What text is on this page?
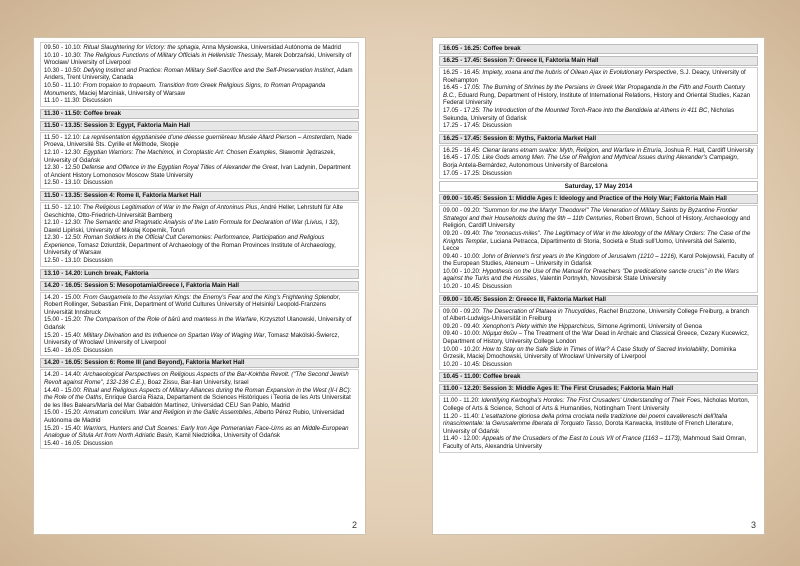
09.50 - 10.10: Ritual Slaughtering for Victory: the sphagia, Anna Mysłowska, Universidad Autónoma de Madrid
10.10 - 10.30: The Religious Functions of Military Officials in Hellenistic Thessaly, Marek Dobrzański, University of Wrocław/ University of Liverpool
10.30 - 10.50: Defying Instinct and Practice: Roman Military Self-Sacrifice and the Self-Preservation Instinct, Adam Anders, Trent University, Canada
10.50 - 11.10: From tropaion to tropaeum. Transition from Greek Religious Signs, to Roman Propaganda Monuments, Maciej Marciniak, University of Warsaw
11.10 - 11.30: Discussion
11.30 - 11.50: Coffee break
11.50 - 13.35: Session 3: Egypt, Faktoria Main Hall
11.50 - 12.10: La représentation égyptianisée d'une déesse guerrièreau Musée Allard Pierson – Amsterdam, Nade Proeva, Université Sts. Cyrille et Méthode, Skopje
12.10 - 12.30: Egyptian Warriors: The Machimoi, in Coroplastic Art: Chosen Examples, Sławomir Jędraszek, University of Gdańsk
12.30 - 12.50 Defense and Offence in the Egyptian Royal Titles of Alexander the Great, Ivan Ladynin, Department of Ancient History Lomonosov Moscow State University
12.50 - 13.10: Discussion
11.50 - 13.35: Session 4: Rome II, Faktoria Market Hall
11.50 - 12.10: The Religious Legitimation of War in the Reign of Antoninus Pius, André Heller, Lehrstuhl für Alte Geschichte, Otto-Friedrich-Universität Bamberg
12.10 - 12.30: The Semantic and Pragmatic Analysis of the Latin Formula for Declaration of War (Livius, I 32), Dawid Lipiński, University of Mikołaj Kopernik, Toruń
12.30 - 12.50: Roman Soldiers in the Official Cult Ceremonies: Performance, Participation and Religious Experience, Tomasz Dziurdzik, Department of Archaeology of the Roman Provinces Institute of Archaeology, University of Warsaw
12.50 - 13.10: Discussion
13.10 - 14.20: Lunch break, Faktoria
14.20 - 16.05: Session 5: Mesopotamia/Greece I, Faktoria Main Hall
14.20 - 15.00: From Gaugamela to the Assyrian Kings: the Enemy's Fear and the King's Frightening Splendor, Robert Rollinger, Sebastian Fink, Department of World Cultures University of Helsinki/ Leopold-Franzens Universität Innsbruck
15.00 - 15.20: The Comparison of the Role of bārû and mantess in the Warfare, Krzysztof Ulanowski, University of Gdańsk
15.20 - 15.40: Military Divination and Its Influence on Spartan Way of Waging War, Tomasz Makólski-Świercz, University of Wrocław/ University of Liverpool
15.40 - 16.05: Discussion
14.20 - 16.05: Session 6: Rome III (and Beyond), Faktoria Market Hall
14.20 - 14.40: Archaeological Perspectives on Religious Aspects of the Bar-Kokhba Revolt. ("The Second Jewish Revolt against Rome", 132-136 C.E.), Boaz Zissu, Bar-Ilan University, Israel
14.40 - 15.00: Ritual and Religious Aspects of Military Alliances during the Roman Expansion in the West (II-I BC): the Role of the Oaths, Enrique García Riaza, Departament de Sciences Històriques i Teoria de les Arts Universitat de les Illes Balears/María del Mar Gabaldón Martínez, Universidad CEU San Pablo, Madrid
15.00 - 15.20: Armatum concilium. War and Religion in the Gallic Assemblies, Alberto Pérez Rubio, Universidad Autónoma de Madrid
15.20 - 15.40: Warriors, Hunters and Cult Scenes: Early Iron Age Pomeranian Face-Urns as an Middle-European Analogue of Situla Art from North Adriatic Basin, Kamil Niedziółka, University of Gdańsk
15.40 - 16.05: Discussion
2
16.05 - 16.25: Coffee break
16.25 - 17.45: Session 7: Greece II, Faktoria Main Hall
16.25 - 16.45: Impiety, xoana and the hubris of Oilean Ajax in Evolutionary Perspective, S.J. Deacy, University of Roehampton
16.45 - 17.05: The Burning of Shrines by the Persians in Greek War Propaganda in the Fifth and Fourth Century B.C., Eduard Rung, Department of History, Institute of International Relations, History and Oriental Studies, Kazan Federal University
17.05 - 17.25: The Introduction of the Mounted Torch-Race into the Bendideia at Athens in 411 BC, Nicholas Sekunda, University of Gdańsk
17.25 - 17.45: Discussion
16.25 - 17.45: Session 8: Myths, Faktoria Market Hall
16.25 - 16.45: Clenar larans etnam svalce: Myth, Religion, and Warfare in Etruria, Joshua R. Hall, Cardiff University
16.45 - 17.05: Like Gods among Men. The Use of Religion and Mythical Issues during Alexander's Campaign, Borja Antela-Bernárdez, Autonomous University of Barcelona
17.05 - 17.25: Discussion
Saturday, 17 May 2014
09.00 - 10.45: Session 1: Middle Ages I: Ideology and Practice of the Holy War; Faktoria Main Hall
09.00 - 09.20: "Summon for me the Martyr Theodore!" The Veneration of Military Saints by Byzantine Frontier Strategoi and their Households during the 9th – 11th Centuries, Robert Brown, School of History, Archaeology and Religion, Cardiff University
09.20 - 09.40: The "monacus-miles". The Legitimacy of War in the Ideology of the Military Orders: The Case of the Knights Templar, Luciana Petracca, Dipartimento di Storia, Società e Studi sull'Uomo, Università del Salento, Lecce
09.40 - 10.00: John of Brienne's first years in the Kingdom of Jerusalem (1210 – 1216), Karol Polejowski, Faculty of the European Studies, Ateneum – University in Gdańsk
10.00 - 10.20: Hypothesis on the Use of the Manual for Preachers "De predicatione sancte crucis" in the Wars against the Turks and the Hussites, Valentin Portnykh, Novosibirsk State University
10.20 - 10.45: Discussion
09.00 - 10.45: Session 2: Greece III, Faktoria Market Hall
09.00 - 09.20: The Desecration of Plataea in Thucydides, Rachel Bruzzone, University College Freiburg, a branch of Albert-Ludwigs-Universität in Freiburg
09.20 - 09.40: Xenophon's Piety within the Hipparchicus, Simone Agrimonti, University of Genoa
09.40 - 10.00: Νόμιμα θεῶν – The Treatment of the War Dead in Archaic and Classical Greece, Cezary Kucewicz, Department of History, University College London
10.00 - 10.20: How to Stay on the Safe Side in Times of War? A Case Study of Sacred Inviolability, Dominika Grzesik, Maciej Dmochowski, University of Wrocław/ University of Liverpool
10.20 - 10.45: Discussion
10.45 - 11.00: Coffee break
11.00 - 12.20: Session 3: Middle Ages II: The First Crusades; Faktoria Main Hall
11.00 - 11.20: Identifying Kerbogha's Hordes: The First Crusaders' Understanding of Their Foes, Nicholas Morton, College of Arts & Science, School of Arts & Humanities, Nottingham Trent University
11.20 - 11.40: L'esaltazione gloriosa della prima crociata nella tradizione dei poemi cavallereschi dell'Italia rinascimentale: la Gerusalemme liberata di Torquato Tasso, Dorota Karwacka, Institute of French Literature, University of Gdańsk
11.40 - 12.00: Appeals of the Crusaders of the East to Louis VII of France (1163 – 1173), Mahmoud Said Omran, Faculty of Arts, Alexandria University
3
